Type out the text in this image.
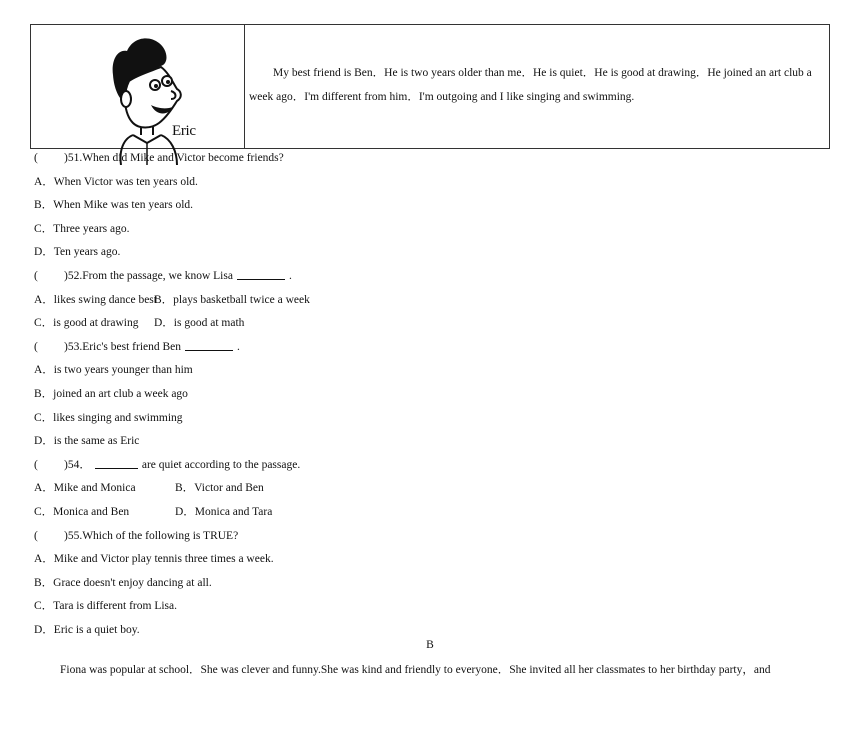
Eric
My best friend is Ben．He is two years older than me．He is quiet．He is good at drawing．He joined an art club a week ago．I'm different from him．I'm outgoing and I like singing and swimming.
( )51.When did Mike and Victor become friends?
A．When Victor was ten years old.
B．When Mike was ten years old.
C．Three years ago.
D．Ten years ago.
( )52.From the passage, we know Lisa	.
A．likes swing dance bestB．plays basketball twice a week
C．is good at drawing D．is good at math
( )53.Eric's best friend Ben	.
A．is two years younger than him
B．joined an art club a week ago
C．likes singing and swimming
D．is the same as Eric
( )54．	are quiet according to the passage.
A．Mike and Monica	B．Victor and Ben
C．Monica and Ben	D．Monica and Tara
( )55.Which of the following is TRUE?
A．Mike and Victor play tennis three times a week.
B．Grace doesn't enjoy dancing at all.
C．Tara is different from Lisa.
D．Eric is a quiet boy.
B
Fiona was popular at school．She was clever and funny.She was kind and friendly to everyone．She invited all her classmates to her birthday party，and
